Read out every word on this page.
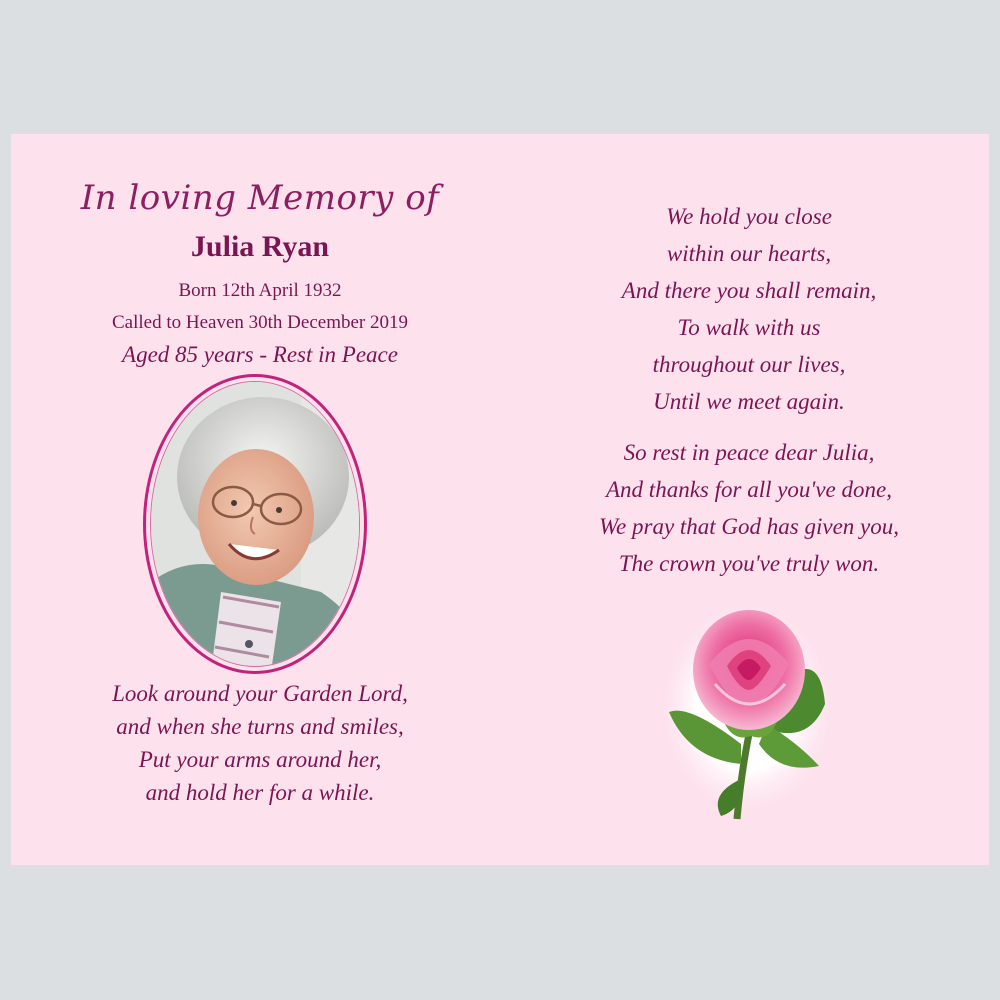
In loving Memory of
Julia Ryan
Born 12th April 1932
Called to Heaven 30th December 2019
Aged 85 years - Rest in Peace
Look around your Garden Lord,
and when she turns and smiles,
Put your arms around her,
and hold her for a while.
We hold you close
within our hearts,
And there you shall remain,
To walk with us
throughout our lives,
Until we meet again.
So rest in peace dear Julia,
And thanks for all you've done,
We pray that God has given you,
The crown you've truly won.
